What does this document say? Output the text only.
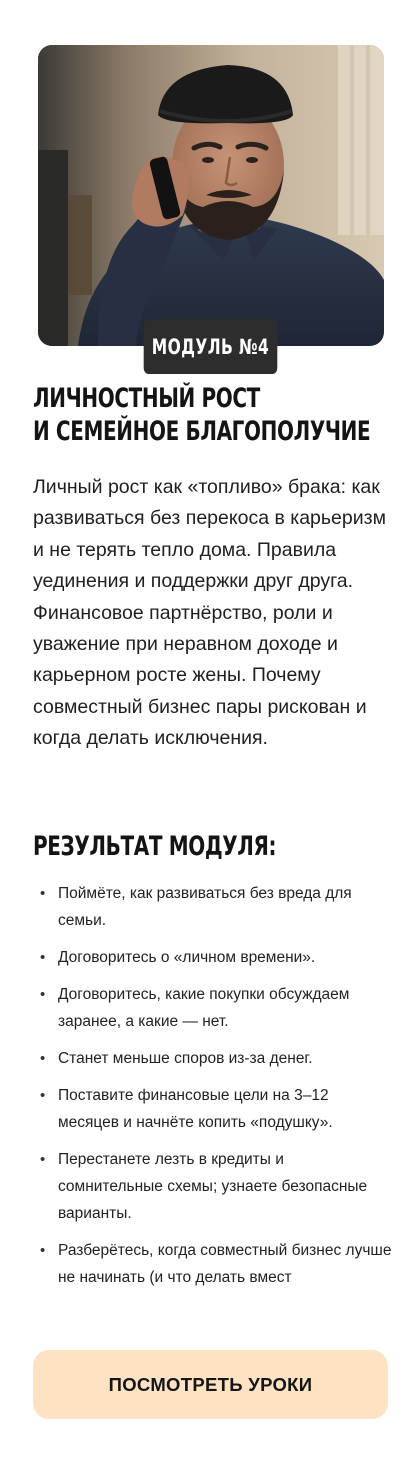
МОДУЛЬ №4
ЛИЧНОСТНЫЙ РОСТ
И СЕМЕЙНОЕ БЛАГОПОЛУЧИЕ

Личный рост как «топливо» брака: как развиваться без перекоса в карьеризм и не терять тепло дома. Правила уединения и поддержки друг друга. Финансовое партнёрство, роли и уважение при неравном доходе и карьерном росте жены. Почему совместный бизнес пары рискован и когда делать исключения.

РЕЗУЛЬТАТ МОДУЛЯ:
• Поймёте, как развиваться без вреда для семьи.
• Договоритесь о «личном времени».
• Договоритесь, какие покупки обсуждаем заранее, а какие — нет.
• Станет меньше споров из-за денег.
• Поставите финансовые цели на 3–12 месяцев и начнёте копить «подушку».
• Перестанете лезть в кредиты и сомнительные схемы; узнаете безопасные варианты.
• Разберётесь, когда совместный бизнес лучше не начинать (и что делать вмест
ПОСМОТРЕТЬ УРОКИ
